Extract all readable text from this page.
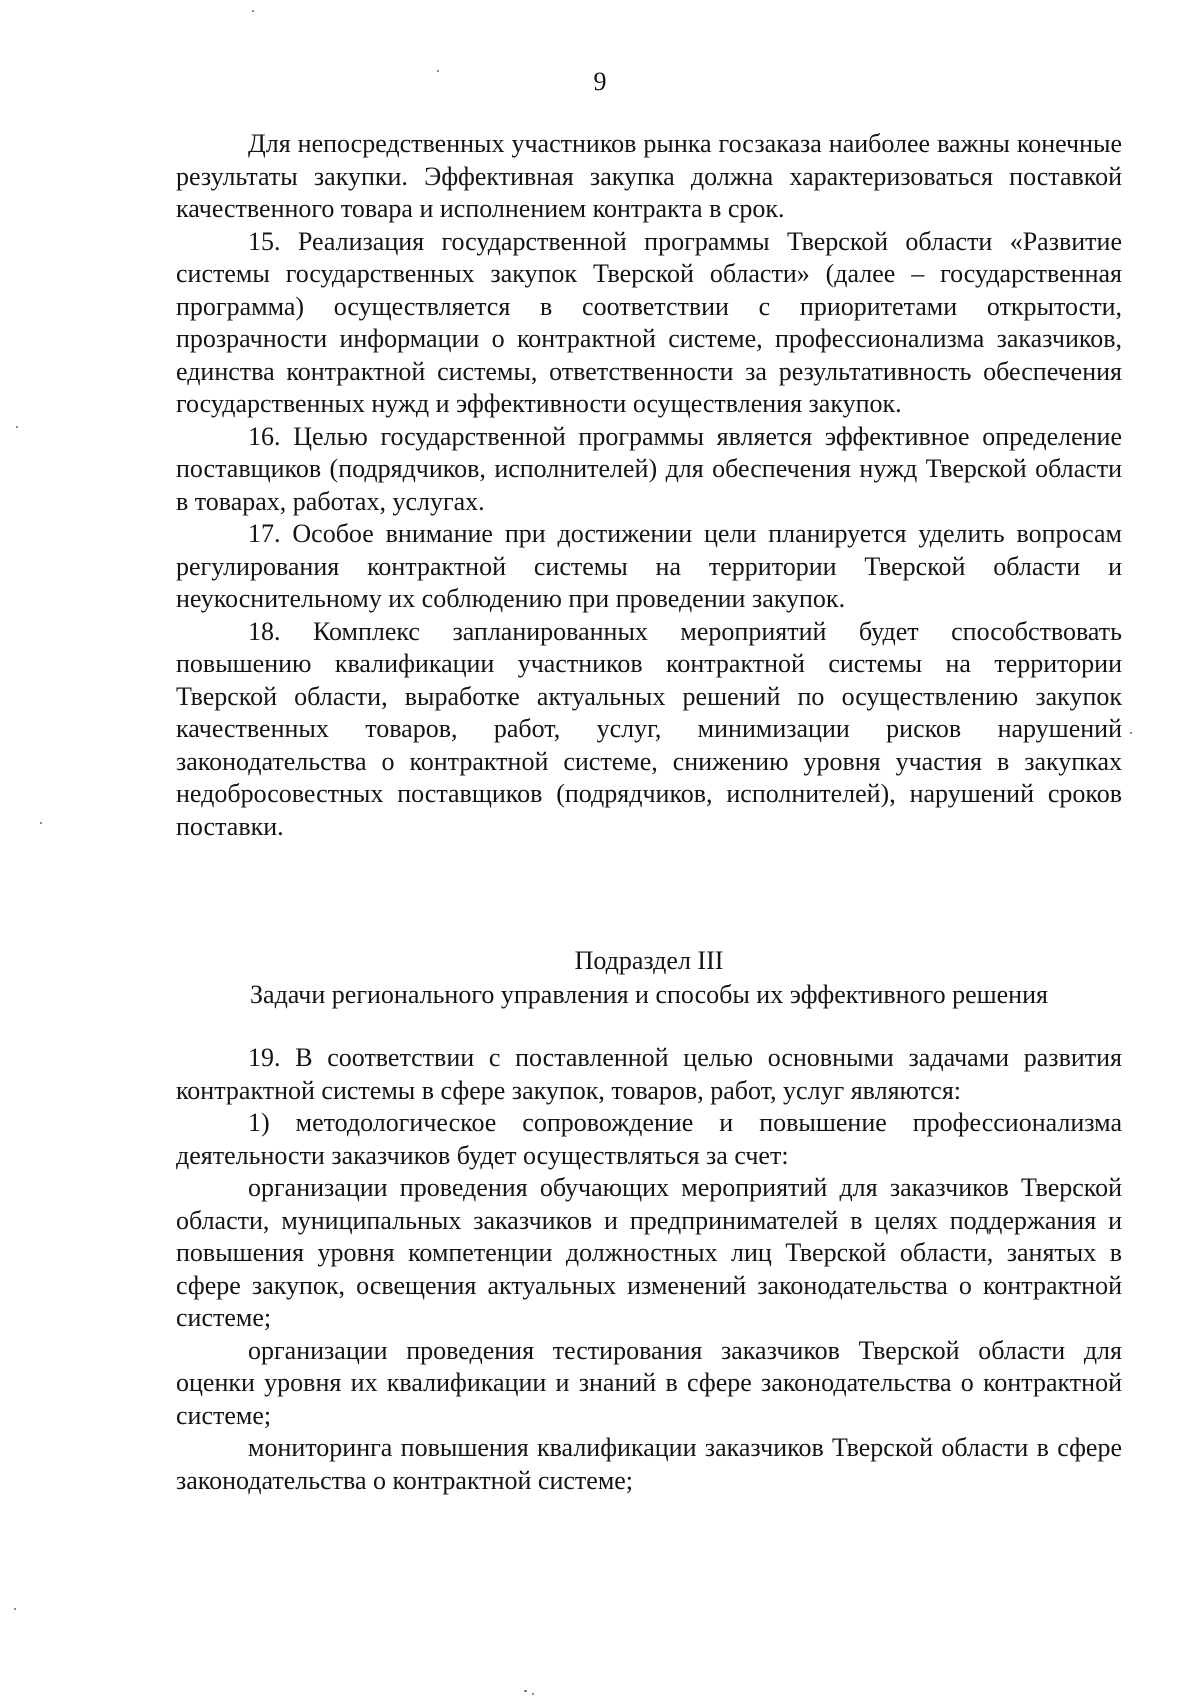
9

Для непосредственных участников рынка госзаказа наиболее важны конечные результаты закупки. Эффективная закупка должна характеризоваться поставкой качественного товара и исполнением контракта в срок.

15. Реализация государственной программы Тверской области «Развитие системы государственных закупок Тверской области» (далее – государственная программа) осуществляется в соответствии с приоритетами открытости, прозрачности информации о контрактной системе, профессионализма заказчиков, единства контрактной системы, ответственности за результативность обеспечения государственных нужд и эффективности осуществления закупок.

16. Целью государственной программы является эффективное определение поставщиков (подрядчиков, исполнителей) для обеспечения нужд Тверской области в товарах, работах, услугах.

17. Особое внимание при достижении цели планируется уделить вопросам регулирования контрактной системы на территории Тверской области и неукоснительному их соблюдению при проведении закупок.

18. Комплекс запланированных мероприятий будет способствовать повышению квалификации участников контрактной системы на территории Тверской области, выработке актуальных решений по осуществлению закупок качественных товаров, работ, услуг, минимизации рисков нарушений законодательства о контрактной системе, снижению уровня участия в закупках недобросовестных поставщиков (подрядчиков, исполнителей), нарушений сроков поставки.

Подраздел III
Задачи регионального управления и способы их эффективного решения

19. В соответствии с поставленной целью основными задачами развития контрактной системы в сфере закупок, товаров, работ, услуг являются:

1) методологическое сопровождение и повышение профессионализма деятельности заказчиков будет осуществляться за счет:

организации проведения обучающих мероприятий для заказчиков Тверской области, муниципальных заказчиков и предпринимателей в целях поддержания и повышения уровня компетенции должностных лиц Тверской области, занятых в сфере закупок, освещения актуальных изменений законодательства о контрактной системе;

организации проведения тестирования заказчиков Тверской области для оценки уровня их квалификации и знаний в сфере законодательства о контрактной системе;

мониторинга повышения квалификации заказчиков Тверской области в сфере законодательства о контрактной системе;
